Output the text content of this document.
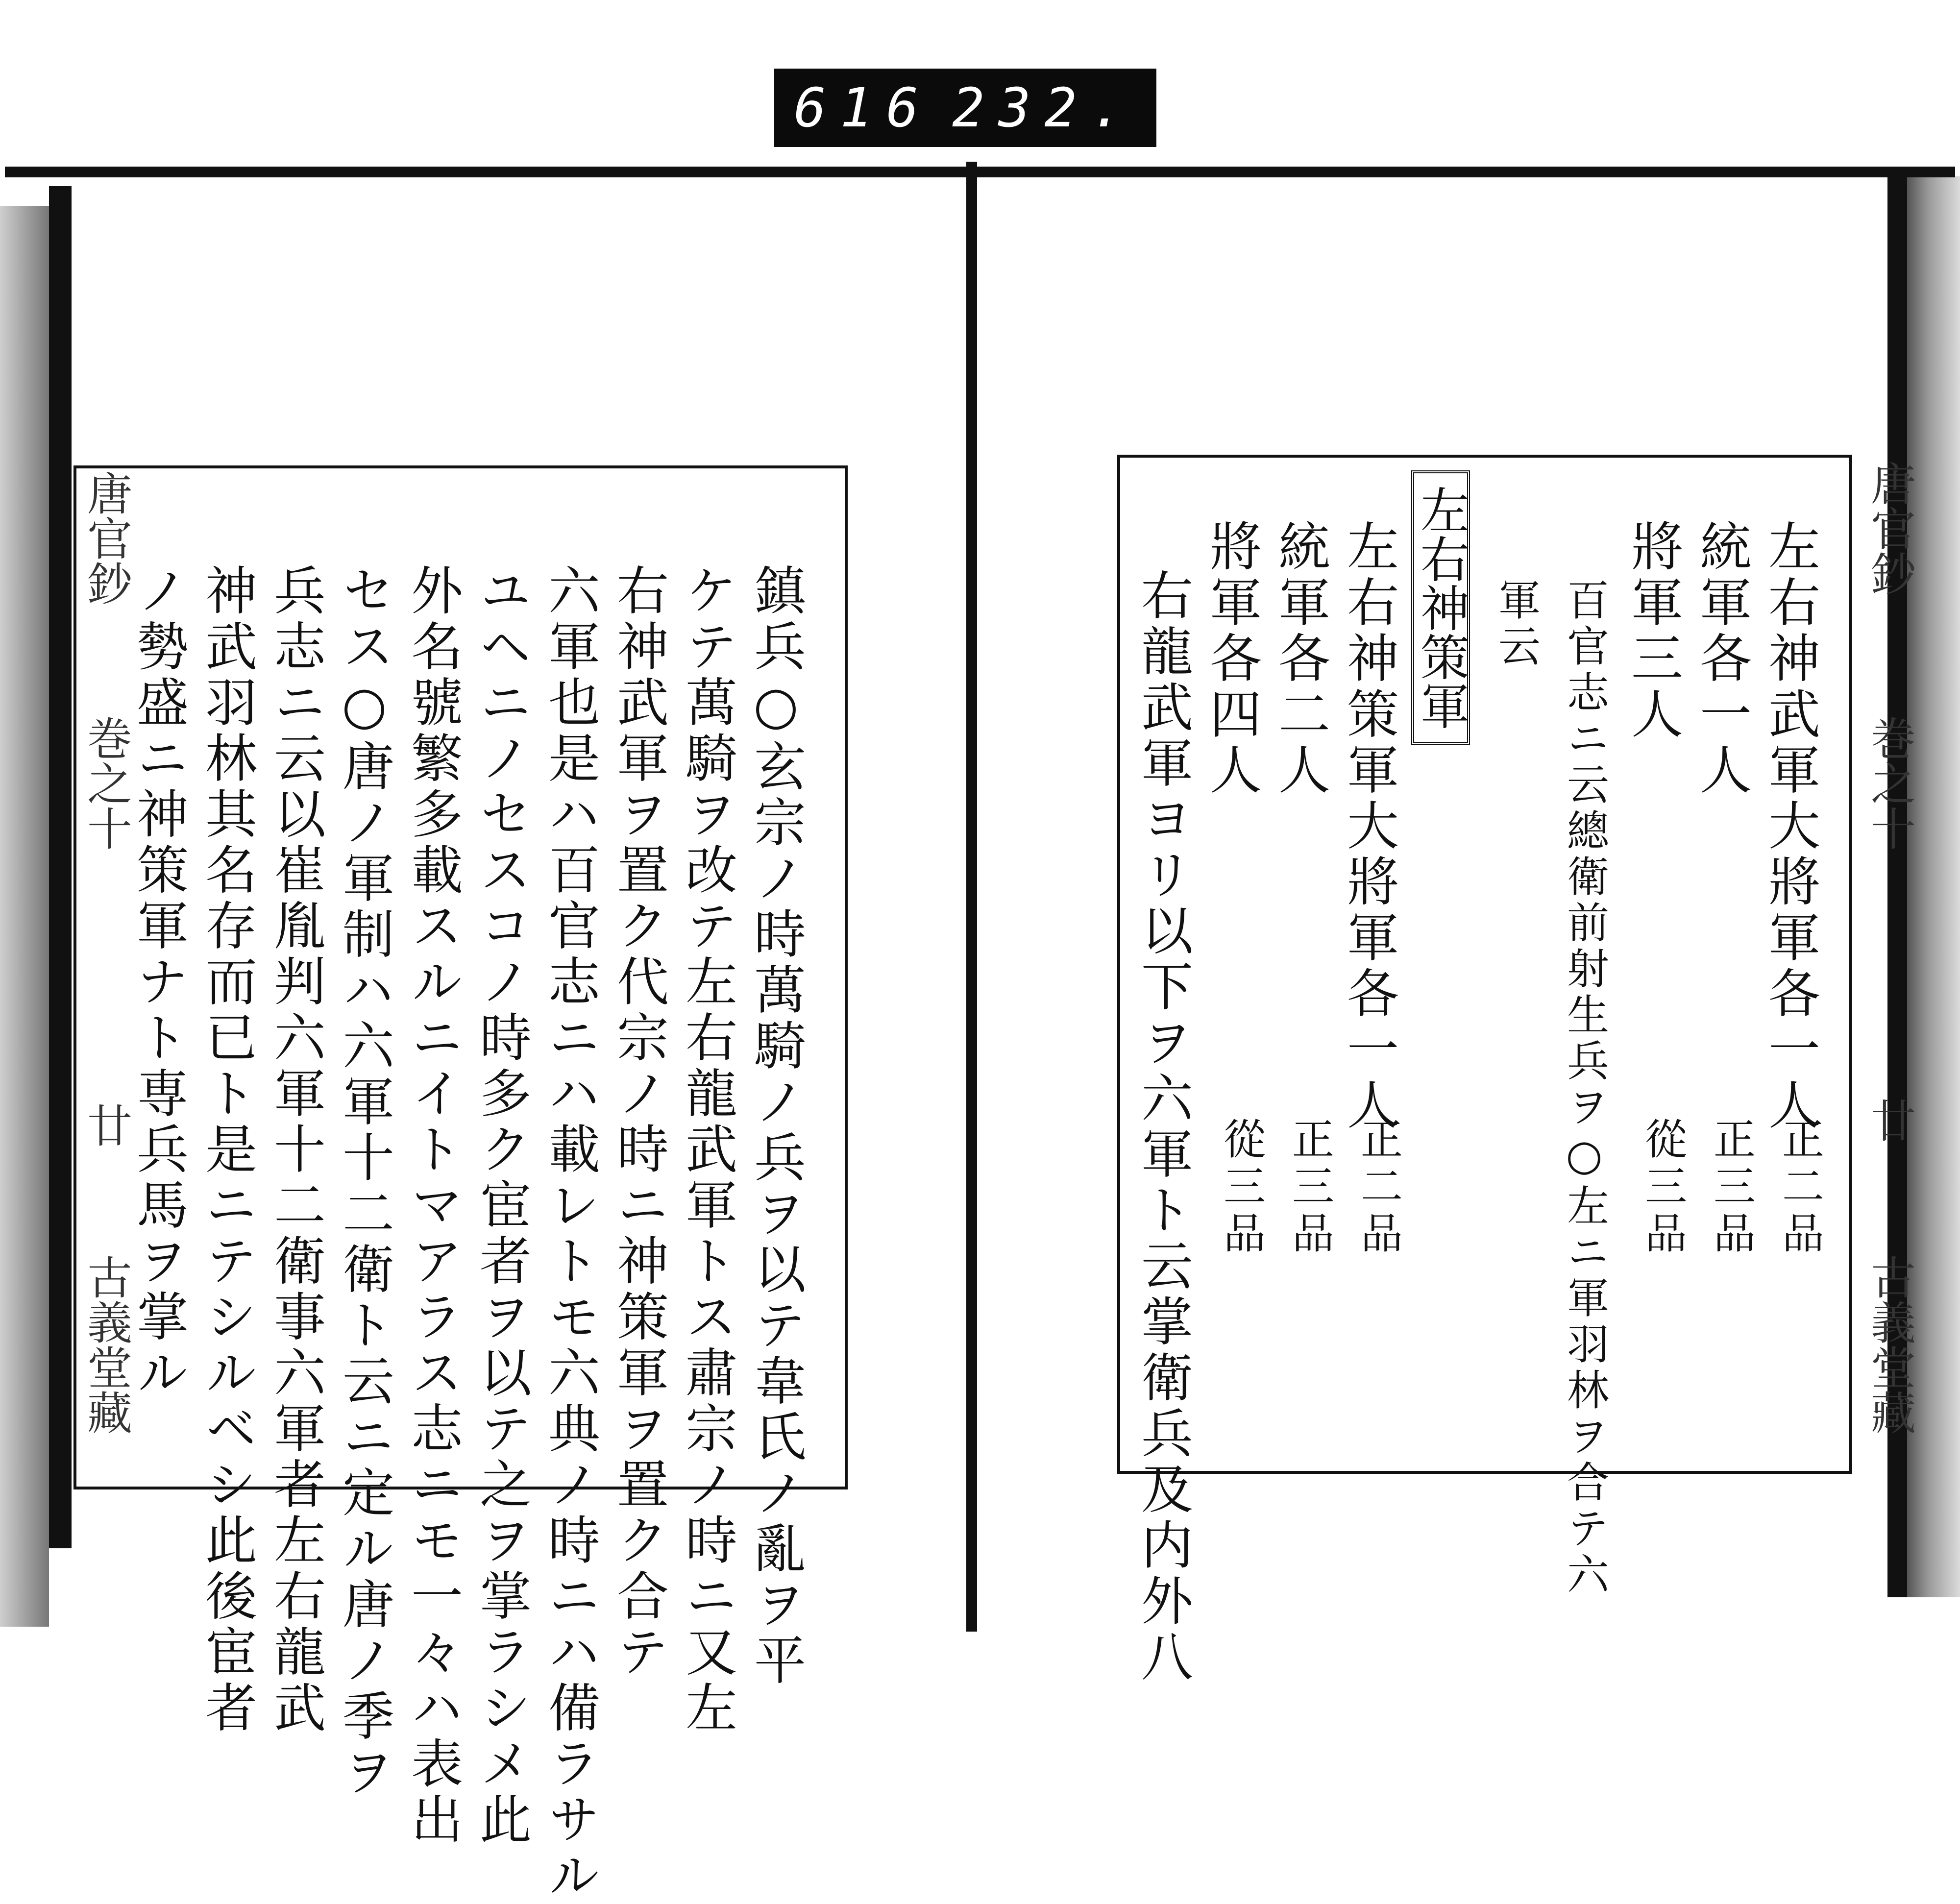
616 232.
唐官鈔
巻之十
廿
古義堂藏	鎮兵○玄宗ノ時萬騎ノ兵ヲ以テ韋氏ノ亂ヲ平
ケテ萬騎ヲ改テ左右龍武軍トス肅宗ノ時ニ又左
右神武軍ヲ置ク代宗ノ時ニ神策軍ヲ置ク合テ
六軍也是ハ百官志ニハ載レトモ六典ノ時ニハ備ラサル
ユヘニノセスコノ時多ク宦者ヲ以テ之ヲ掌ラシメ此
外名號繁多載スルニイトマアラス志ニモ一々ハ表出
セス○唐ノ軍制ハ六軍十二衛ト云ニ定ル唐ノ季ヲ
兵志ニ云以崔胤判六軍十二衛事六軍者左右龍武
神武羽林其名存而已ト是ニテシルベシ此後宦者
ノ勢盛ニ神策軍ナト専兵馬ヲ掌ル
唐官鈔
巻之十
廿
古義堂藏
左右神武軍大將軍各一人
統軍各一人
將軍三人
百官志ニ云總衛前射生兵ヲ○左ニ軍羽林ヲ合テ六
軍云
左右神策軍
左右神策軍大將軍各一人
統軍各二人
將軍各四人
右龍武軍ヨリ以下ヲ六軍ト云掌衛兵及内外八	正二品
正三品
從三品
正二品
正三品
從三品
